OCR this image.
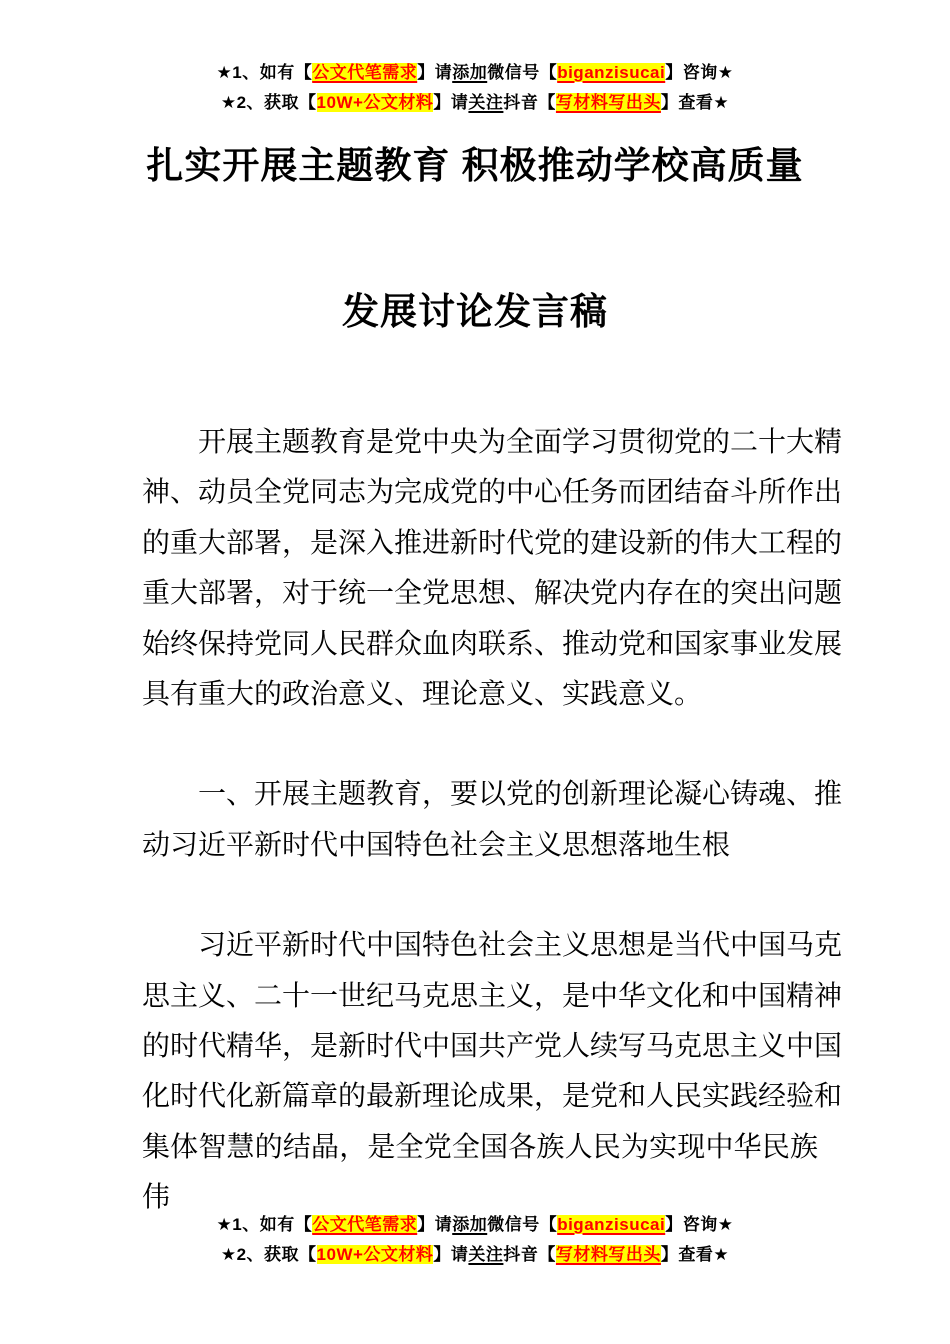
★1、如有【公文代笔需求】请添加微信号【biganzisucai】咨询★
★2、获取【10W+公文材料】请关注抖音【写材料写出头】查看★
扎实开展主题教育 积极推动学校高质量
发展讨论发言稿
开展主题教育是党中央为全面学习贯彻党的二十大精
神、动员全党同志为完成党的中心任务而团结奋斗所作出
的重大部署，是深入推进新时代党的建设新的伟大工程的
重大部署，对于统一全党思想、解决党内存在的突出问题
始终保持党同人民群众血肉联系、推动党和国家事业发展
具有重大的政治意义、理论意义、实践意义。
一、开展主题教育，要以党的创新理论凝心铸魂、推
动习近平新时代中国特色社会主义思想落地生根
习近平新时代中国特色社会主义思想是当代中国马克
思主义、二十一世纪马克思主义，是中华文化和中国精神
的时代精华，是新时代中国共产党人续写马克思主义中国
化时代化新篇章的最新理论成果，是党和人民实践经验和
集体智慧的结晶，是全党全国各族人民为实现中华民族伟
★1、如有【公文代笔需求】请添加微信号【biganzisucai】咨询★
★2、获取【10W+公文材料】请关注抖音【写材料写出头】查看★
